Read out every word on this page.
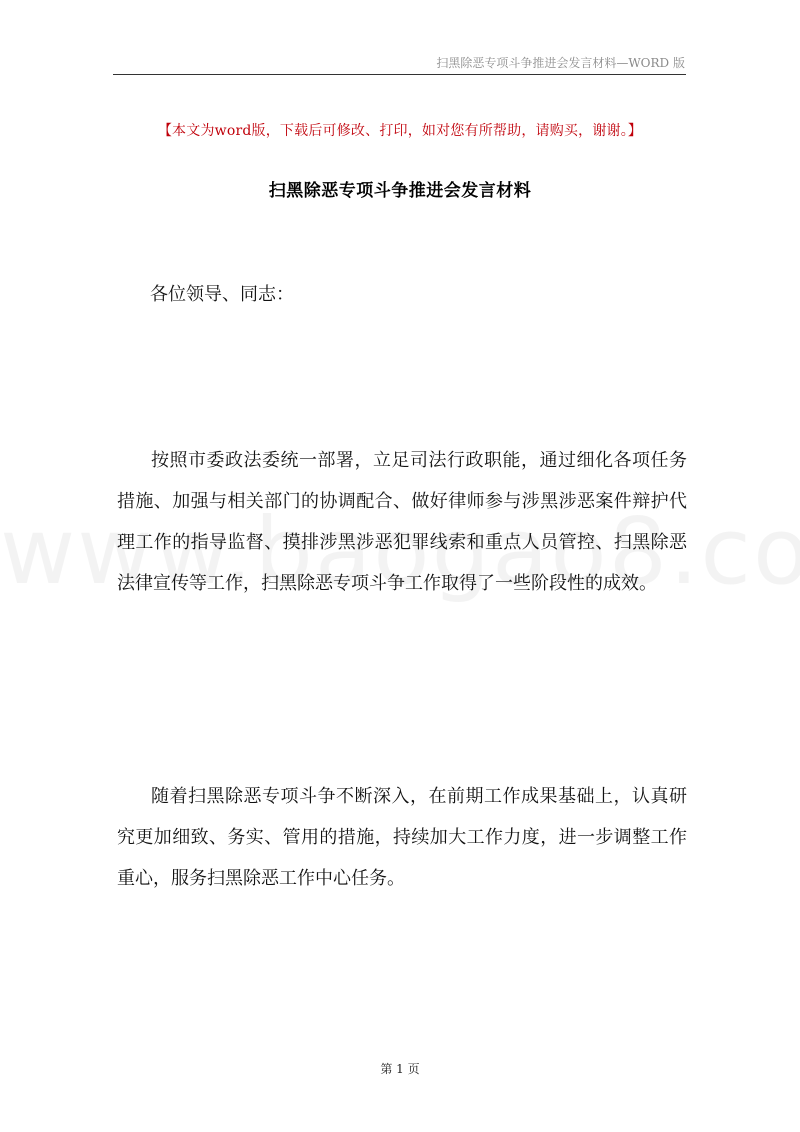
扫黑除恶专项斗争推进会发言材料—WORD 版
【本文为word版，下载后可修改、打印，如对您有所帮助，请购买，谢谢。】
扫黑除恶专项斗争推进会发言材料
各位领导、同志：

按照市委政法委统一部署，立足司法行政职能，通过细化各项任务措施、加强与相关部门的协调配合、做好律师参与涉黑涉恶案件辩护代理工作的指导监督、摸排涉黑涉恶犯罪线索和重点人员管控、扫黑除恶法律宣传等工作，扫黑除恶专项斗争工作取得了一些阶段性的成效。

随着扫黑除恶专项斗争不断深入，在前期工作成果基础上，认真研究更加细致、务实、管用的措施，持续加大工作力度，进一步调整工作重心，服务扫黑除恶工作中心任务。

第 1 页
